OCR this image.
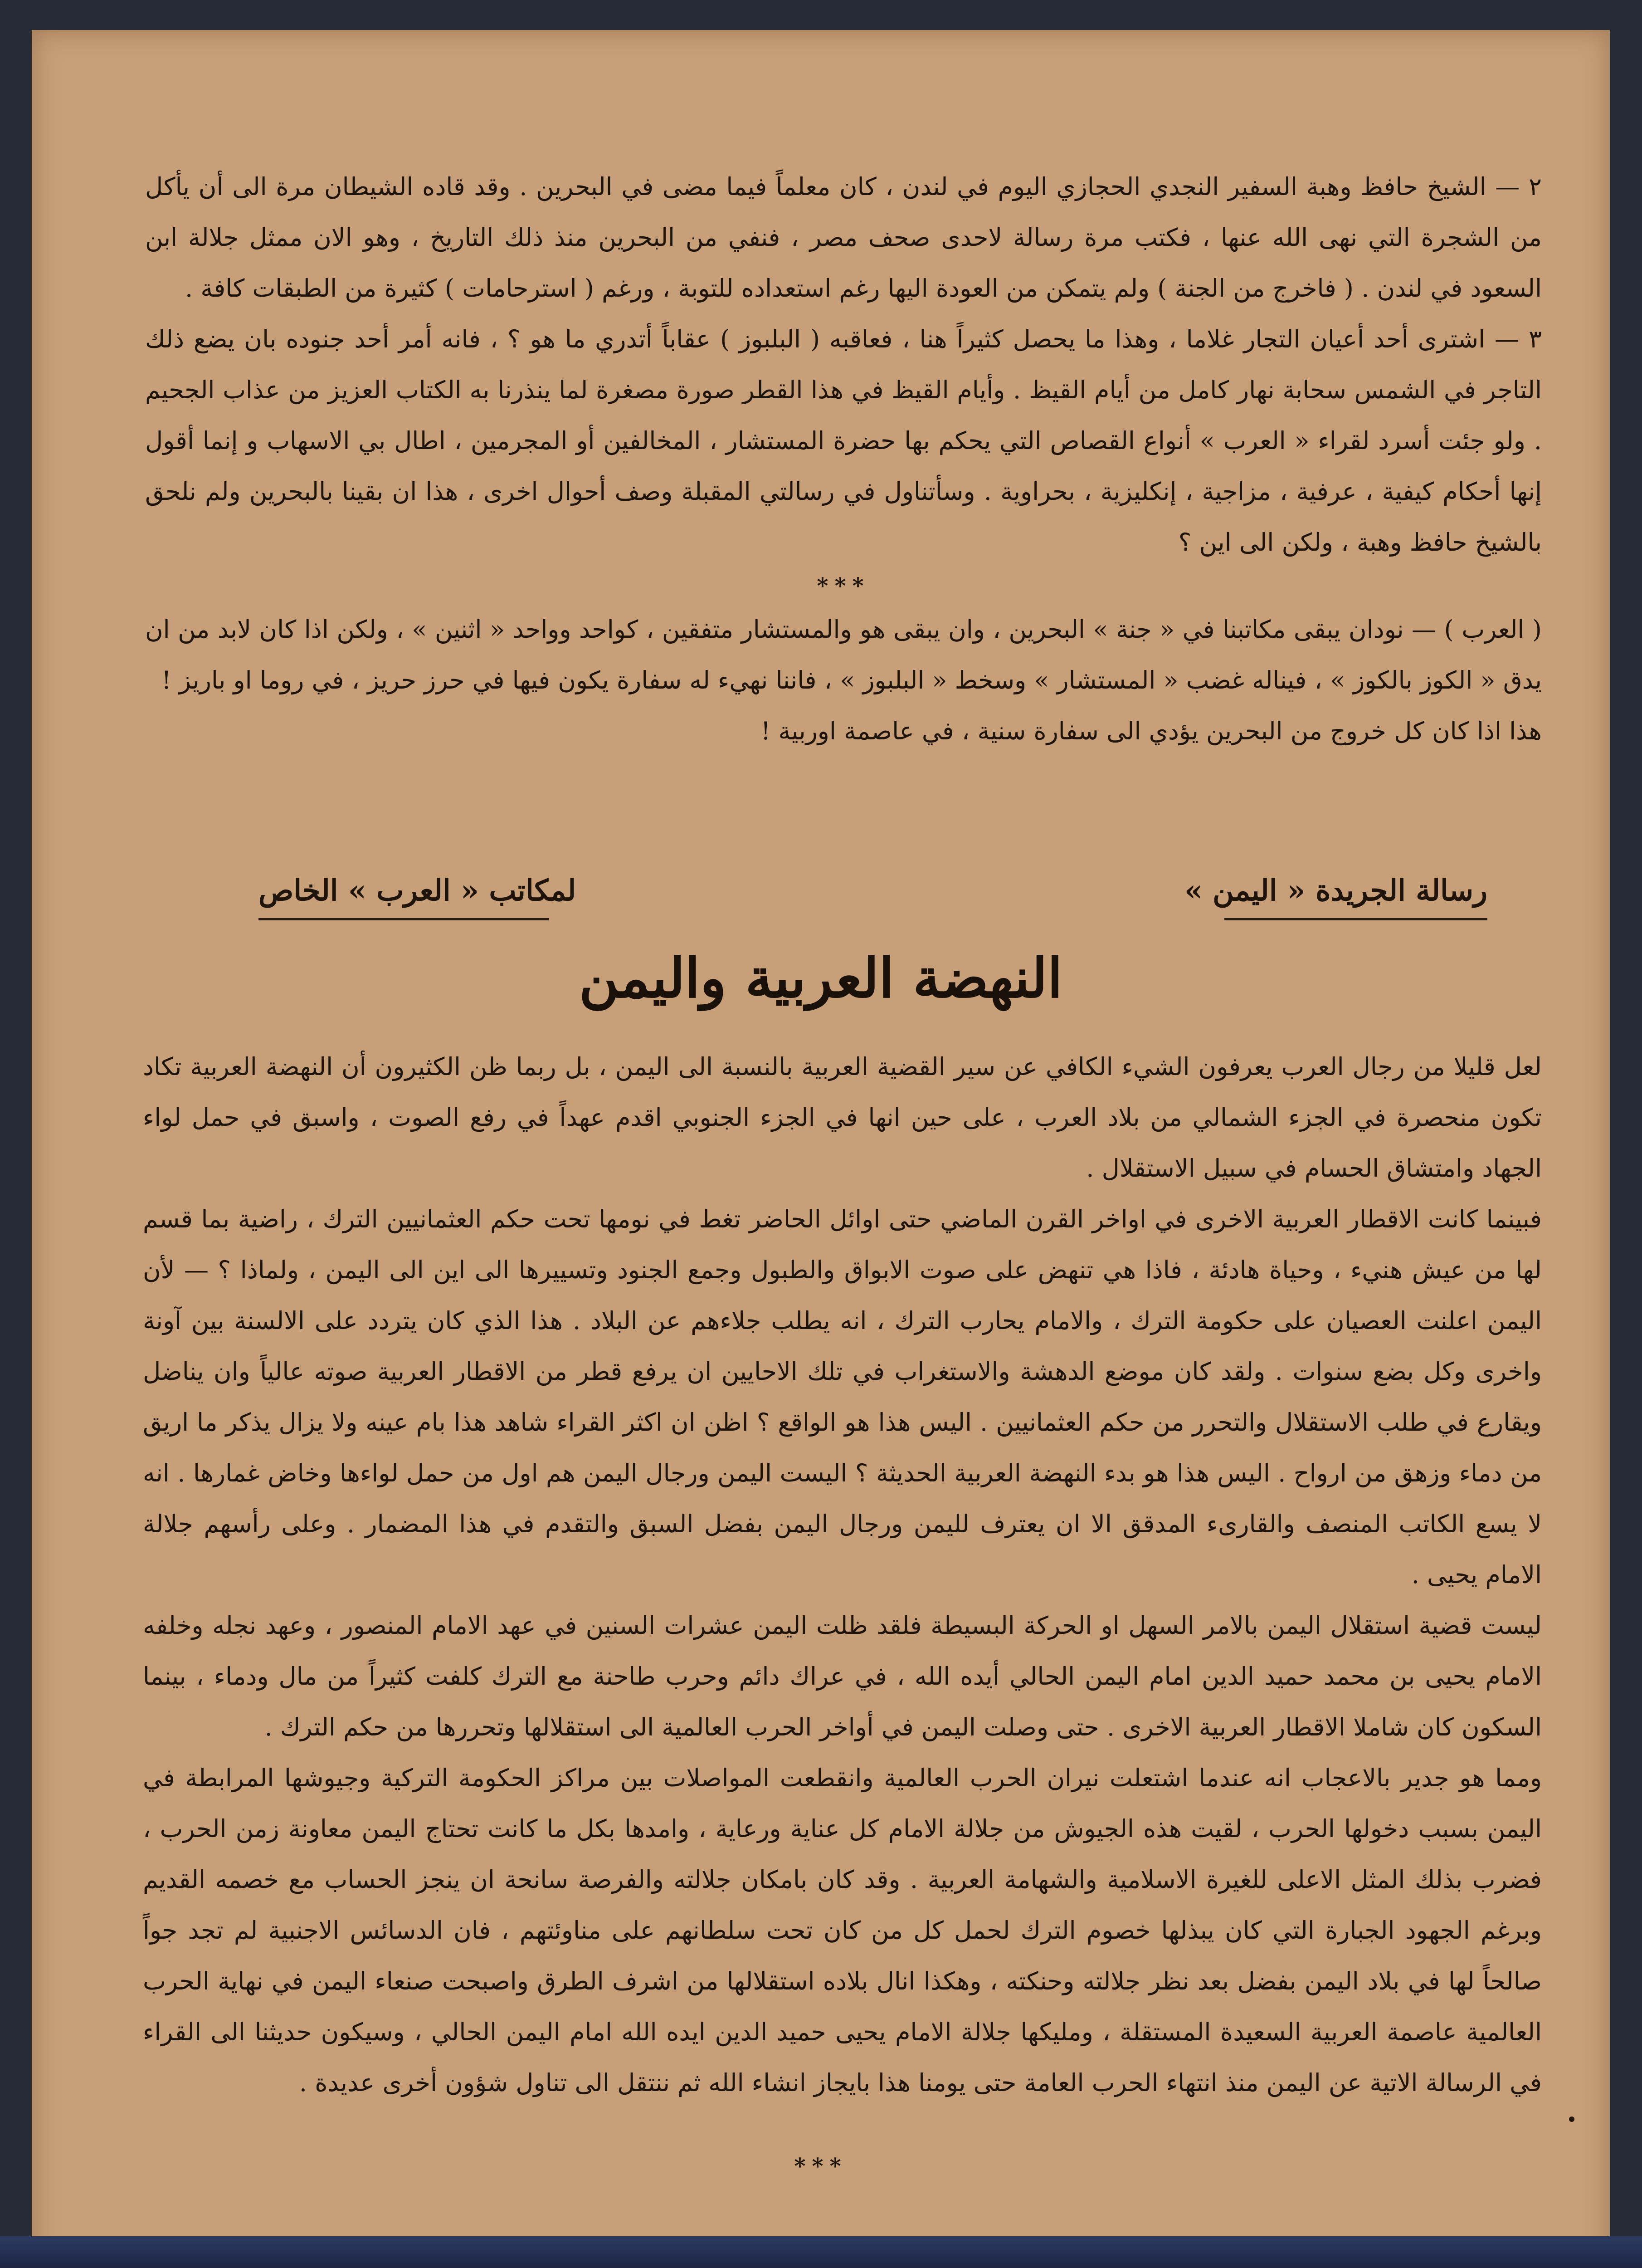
٢ — الشيخ حافظ وهبة السفير النجدي الحجازي اليوم في لندن ، كان معلماً فيما مضى في البحرين . وقد قاده الشيطان مرة الى أن يأكل من الشجرة التي نهى الله عنها ، فكتب مرة رسالة لاحدى صحف مصر ، فنفي من البحرين منذ ذلك التاريخ ، وهو الان ممثل جلالة ابن السعود في لندن . ( فاخرج من الجنة ) ولم يتمكن من العودة اليها رغم استعداده للتوبة ، ورغم ( استرحامات ) كثيرة من الطبقات كافة .

٣ — اشترى أحد أعيان التجار غلاما ، وهذا ما يحصل كثيراً هنا ، فعاقبه ( البلبوز ) عقاباً أتدري ما هو ؟ ، فانه أمر أحد جنوده بان يضع ذلك التاجر في الشمس سحابة نهار كامل من أيام القيظ . وأيام القيظ في هذا القطر صورة مصغرة لما ينذرنا به الكتاب العزيز من عذاب الجحيم . ولو جئت أسرد لقراء « العرب » أنواع القصاص التي يحكم بها حضرة المستشار ، المخالفين أو المجرمين ، اطال بي الاسهاب و إنما أقول إنها أحكام كيفية ، عرفية ، مزاجية ، إنكليزية ، بحراوية . وسأتناول في رسالتي المقبلة وصف أحوال اخرى ، هذا ان بقينا بالبحرين ولم نلحق بالشيخ حافظ وهبة ، ولكن الى اين ؟

***

( العرب ) — نودان يبقى مكاتبنا في « جنة » البحرين ، وان يبقى هو والمستشار متفقين ، كواحد وواحد « اثنين » ، ولكن اذا كان لابد من ان يدق « الكوز بالكوز » ، فيناله غضب « المستشار » وسخط « البلبوز » ، فاننا نهيء له سفارة يكون فيها في حرز حريز ، في روما او باريز !

هذا اذا كان كل خروج من البحرين يؤدي الى سفارة سنية ، في عاصمة اوربية !

رسالة الجريدة « اليمن »
لمكاتب « العرب » الخاص
النهضة العربية واليمن

لعل قليلا من رجال العرب يعرفون الشيء الكافي عن سير القضية العربية بالنسبة الى اليمن ، بل ربما ظن الكثيرون أن النهضة العربية تكاد تكون منحصرة في الجزء الشمالي من بلاد العرب ، على حين انها في الجزء الجنوبي اقدم عهداً في رفع الصوت ، واسبق في حمل لواء الجهاد وامتشاق الحسام في سبيل الاستقلال .

فبينما كانت الاقطار العربية الاخرى في اواخر القرن الماضي حتى اوائل الحاضر تغط في نومها تحت حكم العثمانيين الترك ، راضية بما قسم لها من عيش هنيء ، وحياة هادئة ، فاذا هي تنهض على صوت الابواق والطبول وجمع الجنود وتسييرها الى اين الى اليمن ، ولماذا ؟ — لأن اليمن اعلنت العصيان على حكومة الترك ، والامام يحارب الترك ، انه يطلب جلاءهم عن البلاد . هذا الذي كان يتردد على الالسنة بين آونة واخرى وكل بضع سنوات . ولقد كان موضع الدهشة والاستغراب في تلك الاحايين ان يرفع قطر من الاقطار العربية صوته عالياً وان يناضل ويقارع في طلب الاستقلال والتحرر من حكم العثمانيين . اليس هذا هو الواقع ؟ اظن ان اكثر القراء شاهد هذا بام عينه ولا يزال يذكر ما اريق من دماء وزهق من ارواح . اليس هذا هو بدء النهضة العربية الحديثة ؟ اليست اليمن ورجال اليمن هم اول من حمل لواءها وخاض غمارها . انه لا يسع الكاتب المنصف والقارىء المدقق الا ان يعترف لليمن ورجال اليمن بفضل السبق والتقدم في هذا المضمار . وعلى رأسهم جلالة الامام يحيى .

ليست قضية استقلال اليمن بالامر السهل او الحركة البسيطة فلقد ظلت اليمن عشرات السنين في عهد الامام المنصور ، وعهد نجله وخلفه الامام يحيى بن محمد حميد الدين امام اليمن الحالي أيده الله ، في عراك دائم وحرب طاحنة مع الترك كلفت كثيراً من مال ودماء ، بينما السكون كان شاملا الاقطار العربية الاخرى . حتى وصلت اليمن في أواخر الحرب العالمية الى استقلالها وتحررها من حكم الترك .

ومما هو جدير بالاعجاب انه عندما اشتعلت نيران الحرب العالمية وانقطعت المواصلات بين مراكز الحكومة التركية وجيوشها المرابطة في اليمن بسبب دخولها الحرب ، لقيت هذه الجيوش من جلالة الامام كل عناية ورعاية ، وامدها بكل ما كانت تحتاج اليمن معاونة زمن الحرب ، فضرب بذلك المثل الاعلى للغيرة الاسلامية والشهامة العربية . وقد كان بامكان جلالته والفرصة سانحة ان ينجز الحساب مع خصمه القديم وبرغم الجهود الجبارة التي كان يبذلها خصوم الترك لحمل كل من كان تحت سلطانهم على مناوئتهم ، فان الدسائس الاجنبية لم تجد جواً صالحاً لها في بلاد اليمن بفضل بعد نظر جلالته وحنكته ، وهكذا انال بلاده استقلالها من اشرف الطرق واصبحت صنعاء اليمن في نهاية الحرب العالمية عاصمة العربية السعيدة المستقلة ، ومليكها جلالة الامام يحيى حميد الدين ايده الله امام اليمن الحالي ، وسيكون حديثنا الى القراء في الرسالة الاتية عن اليمن منذ انتهاء الحرب العامة حتى يومنا هذا بايجاز انشاء الله ثم ننتقل الى تناول شؤون أخرى عديدة .

***
